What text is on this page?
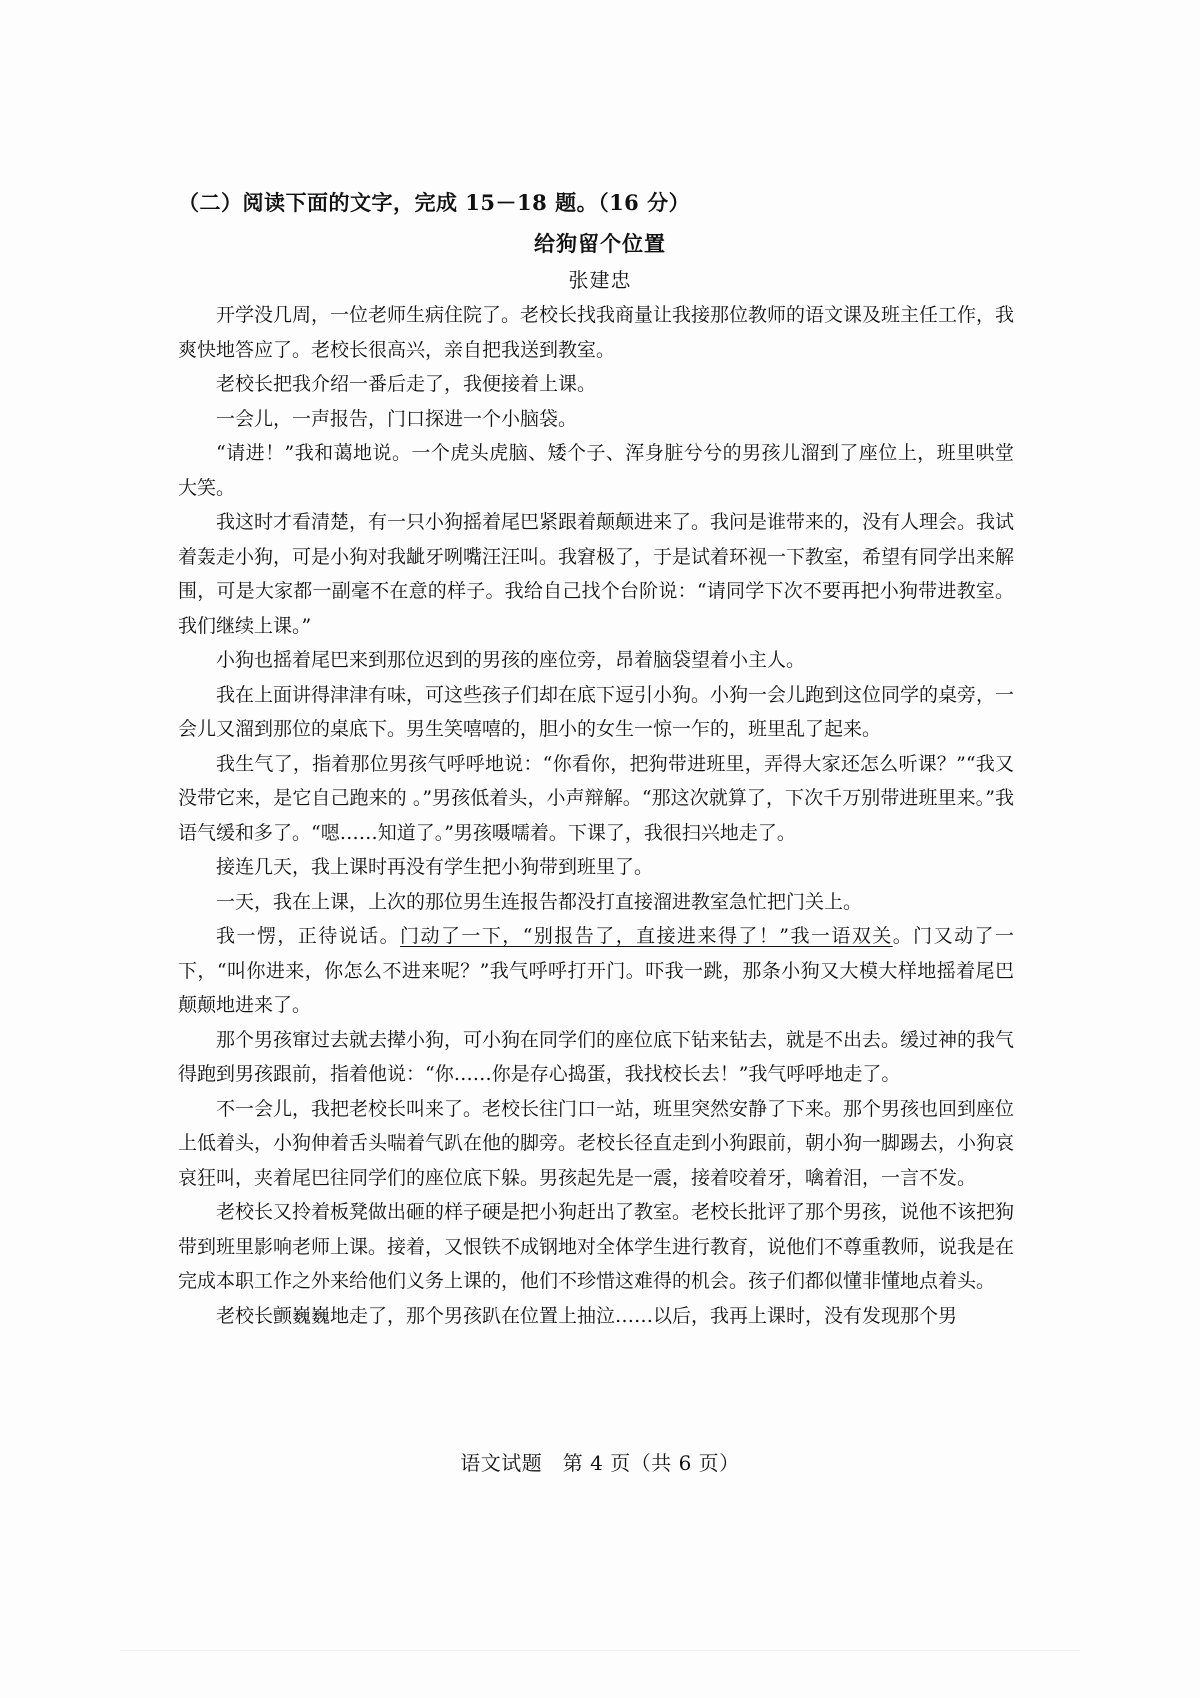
（二）阅读下面的文字，完成 15－18 题。（16 分）
给狗留个位置
张建忠

开学没几周，一位老师生病住院了。老校长找我商量让我接那位教师的语文课及班主任工作，我爽快地答应了。老校长很高兴，亲自把我送到教室。

老校长把我介绍一番后走了，我便接着上课。

一会儿，一声报告，门口探进一个小脑袋。

“请进！”我和蔼地说。一个虎头虎脑、矮个子、浑身脏兮兮的男孩儿溜到了座位上，班里哄堂大笑。

我这时才看清楚，有一只小狗摇着尾巴紧跟着颠颠进来了。我问是谁带来的，没有人理会。我试着轰走小狗，可是小狗对我龇牙咧嘴汪汪叫。我窘极了，于是试着环视一下教室，希望有同学出来解围，可是大家都一副毫不在意的样子。我给自己找个台阶说：“请同学下次不要再把小狗带进教室。我们继续上课。”

小狗也摇着尾巴来到那位迟到的男孩的座位旁，昂着脑袋望着小主人。

我在上面讲得津津有味，可这些孩子们却在底下逗引小狗。小狗一会儿跑到这位同学的桌旁，一会儿又溜到那位的桌底下。男生笑嘻嘻的，胆小的女生一惊一乍的，班里乱了起来。

我生气了，指着那位男孩气呼呼地说：“你看你，把狗带进班里，弄得大家还怎么听课？”“我又没带它来，是它自己跑来的 。”男孩低着头，小声辩解。“那这次就算了，下次千万别带进班里来。”我语气缓和多了。“嗯……知道了。”男孩嗫嚅着。下课了，我很扫兴地走了。

接连几天，我上课时再没有学生把小狗带到班里了。

一天，我在上课，上次的那位男生连报告都没打直接溜进教室急忙把门关上。

我一愣，正待说话。门动了一下，“别报告了，直接进来得了！”我一语双关。门又动了一下，“叫你进来，你怎么不进来呢？”我气呼呼打开门。吓我一跳，那条小狗又大模大样地摇着尾巴颠颠地进来了。

那个男孩窜过去就去撵小狗，可小狗在同学们的座位底下钻来钻去，就是不出去。缓过神的我气得跑到男孩跟前，指着他说：“你……你是存心捣蛋，我找校长去！”我气呼呼地走了。

不一会儿，我把老校长叫来了。老校长往门口一站，班里突然安静了下来。那个男孩也回到座位上低着头，小狗伸着舌头喘着气趴在他的脚旁。老校长径直走到小狗跟前，朝小狗一脚踢去，小狗哀哀狂叫，夹着尾巴往同学们的座位底下躲。男孩起先是一震，接着咬着牙，噙着泪，一言不发。

老校长又拎着板凳做出砸的样子硬是把小狗赶出了教室。老校长批评了那个男孩，说他不该把狗带到班里影响老师上课。接着，又恨铁不成钢地对全体学生进行教育，说他们不尊重教师，说我是在完成本职工作之外来给他们义务上课的，他们不珍惜这难得的机会。孩子们都似懂非懂地点着头。

老校长颤巍巍地走了，那个男孩趴在位置上抽泣……以后，我再上课时，没有发现那个男

语文试题　第 4 页（共 6 页）
